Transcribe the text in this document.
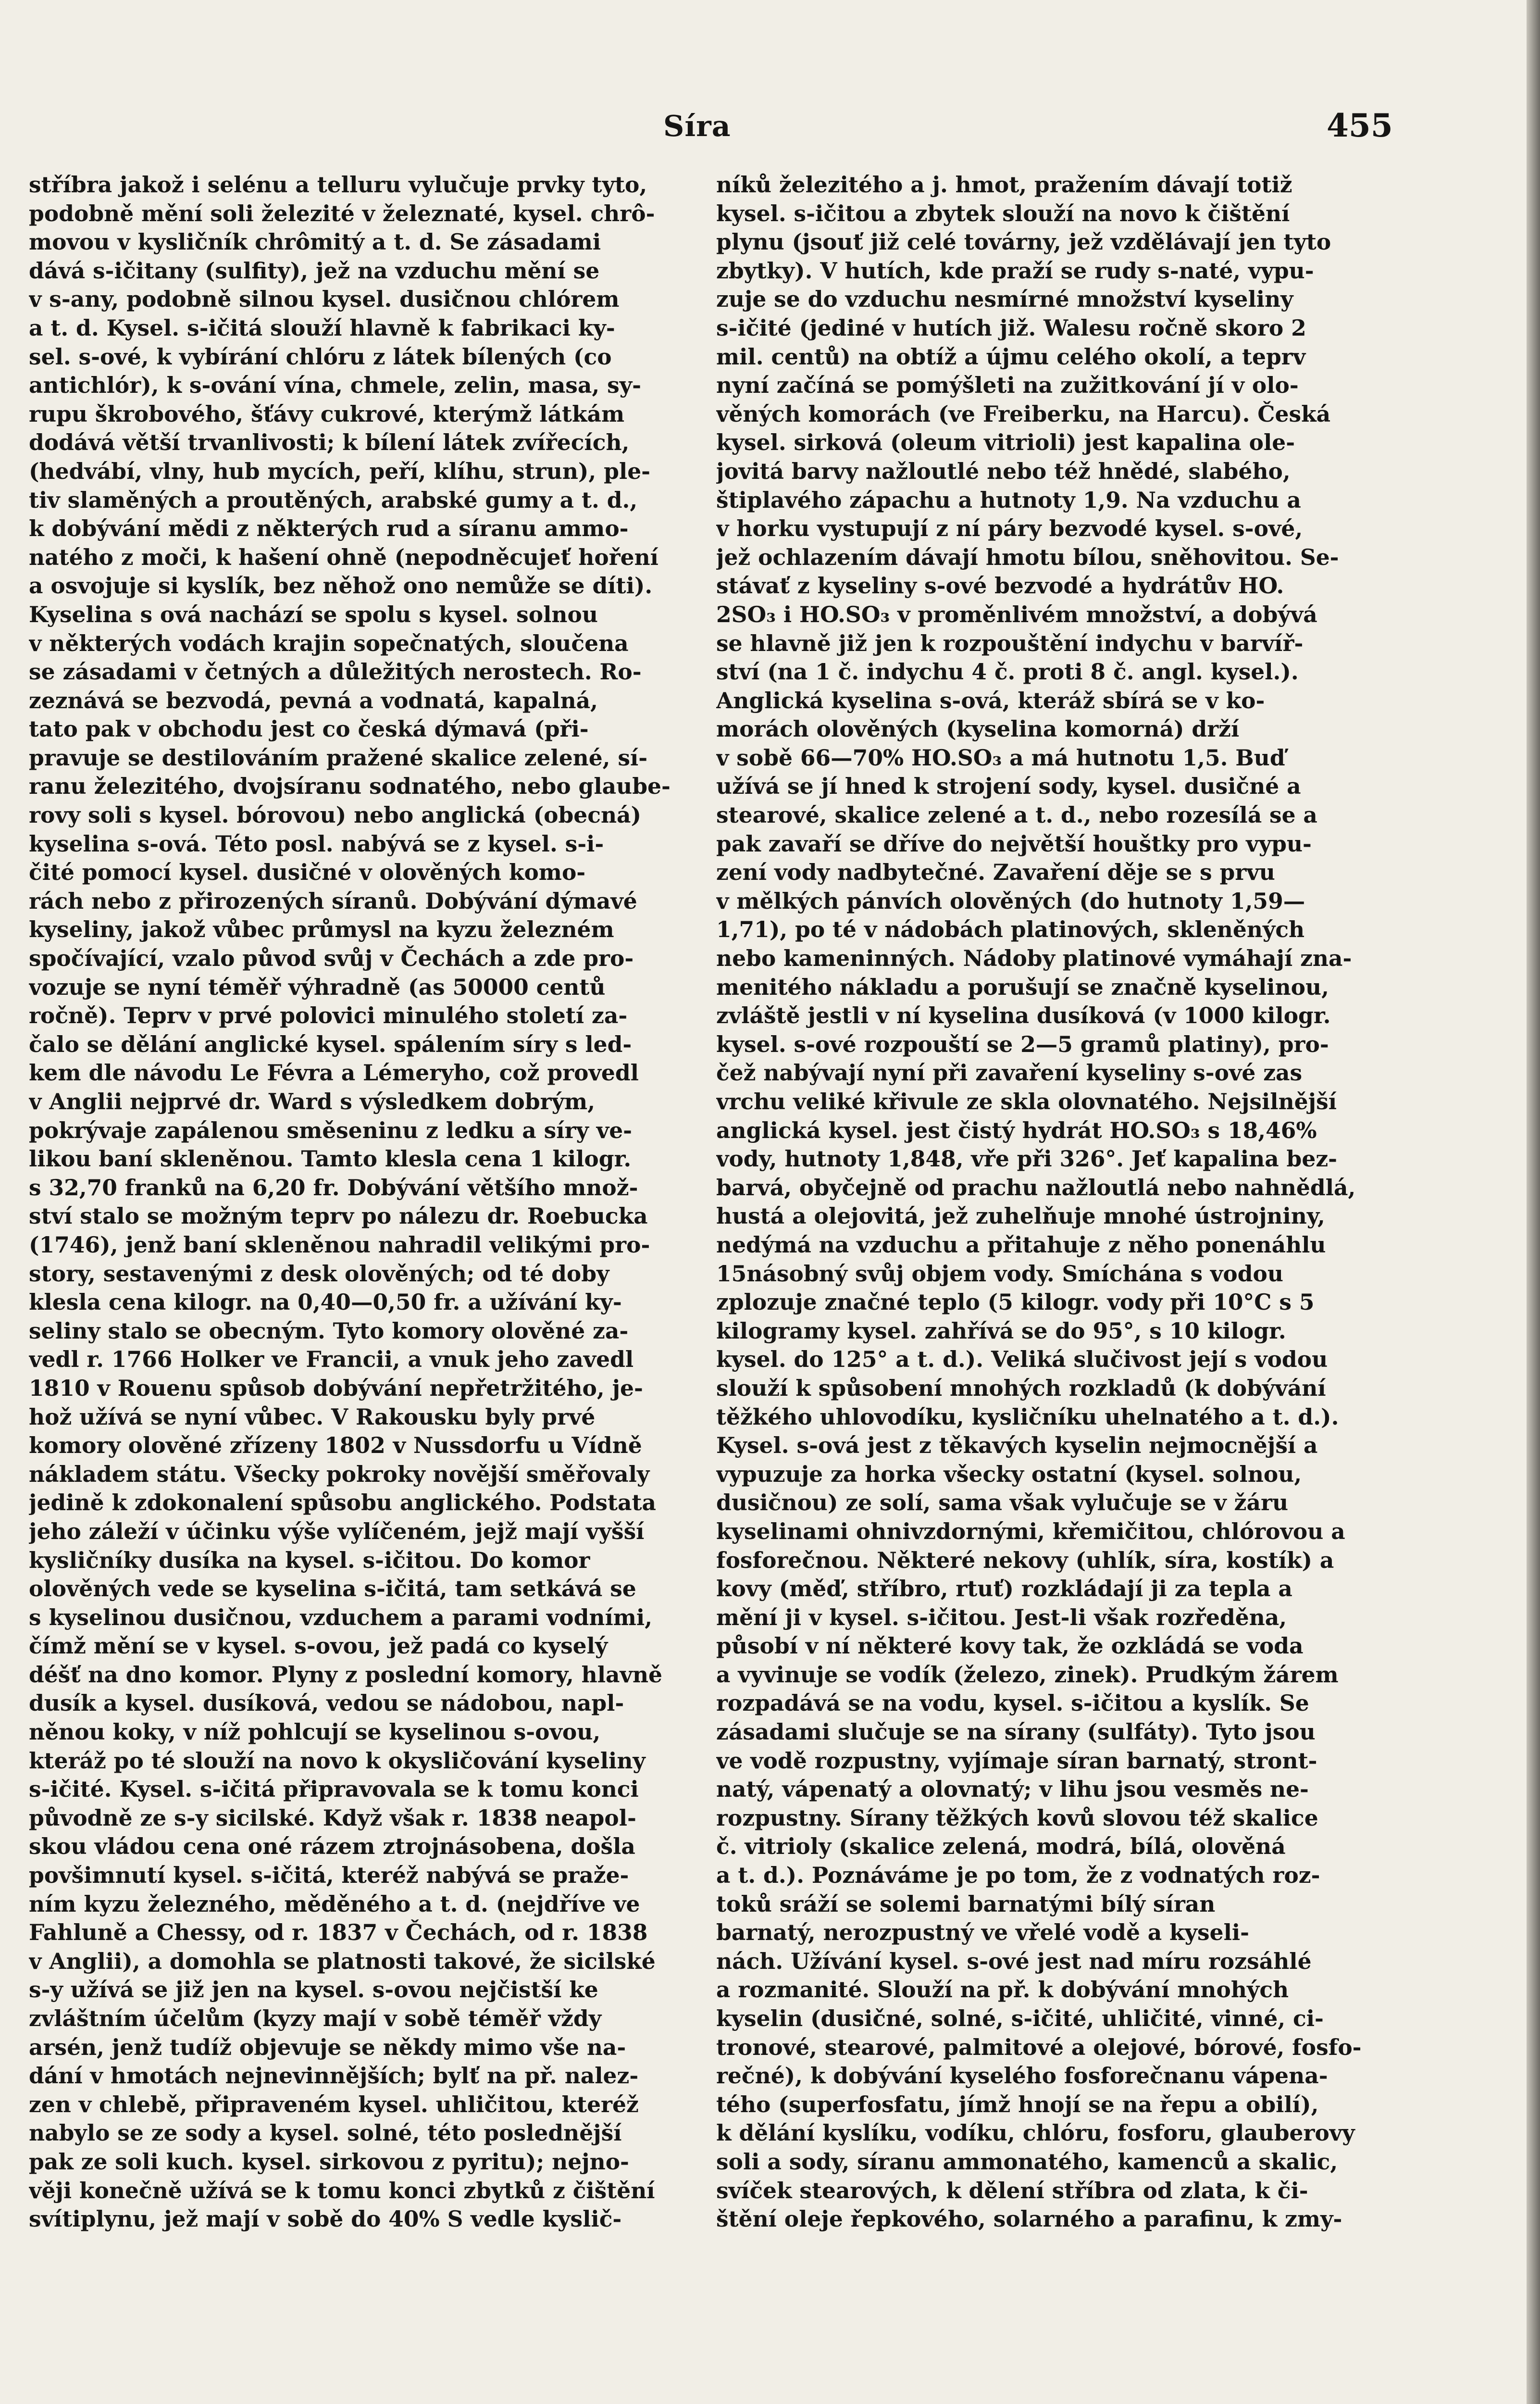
Síra	455
stříbra jakož i selénu a telluru vylučuje prvky tyto,
podobně mění soli železité v železnaté, kysel. chrô-
movou v kysličník chrômitý a t. d. Se zásadami
dává s-ičitany (sulfity), jež na vzduchu mění se
v s-any, podobně silnou kysel. dusičnou chlórem
a t. d. Kysel. s-ičitá slouží hlavně k fabrikaci ky-
sel. s-ové, k vybírání chlóru z látek bílených (co
antichlór), k s-ování vína, chmele, zelin, masa, sy-
rupu škrobového, šťávy cukrové, kterýmž látkám
dodává větší trvanlivosti; k bílení látek zvířecích,
(hedvábí, vlny, hub mycích, peří, klíhu, strun), ple-
tiv slaměných a proutěných, arabské gumy a t. d.,
k dobývání mědi z některých rud a síranu ammo-
natého z moči, k hašení ohně (nepodněcujeť hoření
a osvojuje si kyslík, bez něhož ono nemůže se díti).
Kyselina s ová nachází se spolu s kysel. solnou
v některých vodách krajin sopečnatých, sloučena
se zásadami v četných a důležitých nerostech. Ro-
zeznává se bezvodá, pevná a vodnatá, kapalná,
tato pak v obchodu jest co česká dýmavá (při-
pravuje se destilováním pražené skalice zelené, sí-
ranu železitého, dvojsíranu sodnatého, nebo glaube-
rovy soli s kysel. bórovou) nebo anglická (obecná)
kyselina s-ová. Této posl. nabývá se z kysel. s-i-
čité pomocí kysel. dusičné v olověných komo-
rách nebo z přirozených síranů. Dobývání dýmavé
kyseliny, jakož vůbec průmysl na kyzu železném
spočívající, vzalo původ svůj v Čechách a zde pro-
vozuje se nyní téměř výhradně (as 50000 centů
ročně). Teprv v prvé polovici minulého století za-
čalo se dělání anglické kysel. spálením síry s led-
kem dle návodu Le Févra a Lémeryho, což provedl
v Anglii nejprvé dr. Ward s výsledkem dobrým,
pokrývaje zapálenou směseninu z ledku a síry ve-
likou baní skleněnou. Tamto klesla cena 1 kilogr.
s 32,70 franků na 6,20 fr. Dobývání většího množ-
ství stalo se možným teprv po nálezu dr. Roebucka
(1746), jenž baní skleněnou nahradil velikými pro-
story, sestavenými z desk olověných; od té doby
klesla cena kilogr. na 0,40—0,50 fr. a užívání ky-
seliny stalo se obecným. Tyto komory olověné za-
vedl r. 1766 Holker ve Francii, a vnuk jeho zavedl
1810 v Rouenu spůsob dobývání nepřetržitého, je-
hož užívá se nyní vůbec. V Rakousku byly prvé
komory olověné zřízeny 1802 v Nussdorfu u Vídně
nákladem státu. Všecky pokroky novější směřovaly
jedině k zdokonalení spůsobu anglického. Podstata
jeho záleží v účinku výše vylíčeném, jejž mají vyšší
kysličníky dusíka na kysel. s-ičitou. Do komor
olověných vede se kyselina s-ičitá, tam setkává se
s kyselinou dusičnou, vzduchem a parami vodními,
čímž mění se v kysel. s-ovou, jež padá co kyselý
déšť na dno komor. Plyny z poslední komory, hlavně
dusík a kysel. dusíková, vedou se nádobou, napl-
něnou koky, v níž pohlcují se kyselinou s-ovou,
kteráž po té slouží na novo k okysličování kyseliny
s-ičité. Kysel. s-ičitá připravovala se k tomu konci
původně ze s-y sicilské. Když však r. 1838 neapol-
skou vládou cena oné rázem ztrojnásobena, došla
povšimnutí kysel. s-ičitá, kteréž nabývá se praže-
ním kyzu železného, měděného a t. d. (nejdříve ve
Fahluně a Chessy, od r. 1837 v Čechách, od r. 1838
v Anglii), a domohla se platnosti takové, že sicilské
s-y užívá se již jen na kysel. s-ovou nejčistší ke
zvláštním účelům (kyzy mají v sobě téměř vždy
arsén, jenž tudíž objevuje se někdy mimo vše na-
dání v hmotách nejnevinnějších; bylť na př. nalez-
zen v chlebě, připraveném kysel. uhličitou, kteréž
nabylo se ze sody a kysel. solné, této poslednější
pak ze soli kuch. kysel. sirkovou z pyritu); nejno-
věji konečně užívá se k tomu konci zbytků z čištění
svítiplynu, jež mají v sobě do 40% S vedle kyslič-
níků železitého a j. hmot, pražením dávají totiž
kysel. s-ičitou a zbytek slouží na novo k čištění
plynu (jsouť již celé továrny, jež vzdělávají jen tyto
zbytky). V hutích, kde praží se rudy s-naté, vypu-
zuje se do vzduchu nesmírné množství kyseliny
s-ičité (jediné v hutích již. Walesu ročně skoro 2
mil. centů) na obtíž a újmu celého okolí, a teprv
nyní začíná se pomýšleti na zužitkování jí v olo-
věných komorách (ve Freiberku, na Harcu). Česká
kysel. sirková (oleum vitrioli) jest kapalina ole-
jovitá barvy nažloutlé nebo též hnědé, slabého,
štiplavého zápachu a hutnoty 1,9. Na vzduchu a
v horku vystupují z ní páry bezvodé kysel. s-ové,
jež ochlazením dávají hmotu bílou, sněhovitou. Se-
stávať z kyseliny s-ové bezvodé a hydrátův HO.
2SO₃ i HO.SO₃ v proměnlivém množství, a dobývá
se hlavně již jen k rozpouštění indychu v barvíř-
ství (na 1 č. indychu 4 č. proti 8 č. angl. kysel.).
Anglická kyselina s-ová, kteráž sbírá se v ko-
morách olověných (kyselina komorná) drží
v sobě 66—70% HO.SO₃ a má hutnotu 1,5. Buď
užívá se jí hned k strojení sody, kysel. dusičné a
stearové, skalice zelené a t. d., nebo rozesílá se a
pak zavaří se dříve do největší houštky pro vypu-
zení vody nadbytečné. Zavaření děje se s prvu
v mělkých pánvích olověných (do hutnoty 1,59—
1,71), po té v nádobách platinových, skleněných
nebo kameninných. Nádoby platinové vymáhají zna-
menitého nákladu a porušují se značně kyselinou,
zvláště jestli v ní kyselina dusíková (v 1000 kilogr.
kysel. s-ové rozpouští se 2—5 gramů platiny), pro-
čež nabývají nyní při zavaření kyseliny s-ové zas
vrchu veliké křivule ze skla olovnatého. Nejsilnější
anglická kysel. jest čistý hydrát HO.SO₃ s 18,46%
vody, hutnoty 1,848, vře při 326°. Jeť kapalina bez-
barvá, obyčejně od prachu nažloutlá nebo nahnědlá,
hustá a olejovitá, jež zuhelňuje mnohé ústrojniny,
nedýmá na vzduchu a přitahuje z něho ponenáhlu
15násobný svůj objem vody. Smíchána s vodou
zplozuje značné teplo (5 kilogr. vody při 10°C s 5
kilogramy kysel. zahřívá se do 95°, s 10 kilogr.
kysel. do 125° a t. d.). Veliká slučivost její s vodou
slouží k spůsobení mnohých rozkladů (k dobývání
těžkého uhlovodíku, kysličníku uhelnatého a t. d.).
Kysel. s-ová jest z těkavých kyselin nejmocnější a
vypuzuje za horka všecky ostatní (kysel. solnou,
dusičnou) ze solí, sama však vylučuje se v žáru
kyselinami ohnivzdornými, křemičitou, chlórovou a
fosforečnou. Některé nekovy (uhlík, síra, kostík) a
kovy (měď, stříbro, rtuť) rozkládají ji za tepla a
mění ji v kysel. s-ičitou. Jest-li však rozředěna,
působí v ní některé kovy tak, že ozkládá se voda
a vyvinuje se vodík (železo, zinek). Prudkým žárem
rozpadává se na vodu, kysel. s-ičitou a kyslík. Se
zásadami slučuje se na sírany (sulfáty). Tyto jsou
ve vodě rozpustny, vyjímaje síran barnatý, stront-
natý, vápenatý a olovnatý; v lihu jsou vesměs ne-
rozpustny. Sírany těžkých kovů slovou též skalice
č. vitrioly (skalice zelená, modrá, bílá, olověná
a t. d.). Poznáváme je po tom, že z vodnatých roz-
toků sráží se solemi barnatými bílý síran
barnatý, nerozpustný ve vřelé vodě a kyseli-
nách. Užívání kysel. s-ové jest nad míru rozsáhlé
a rozmanité. Slouží na př. k dobývání mnohých
kyselin (dusičné, solné, s-ičité, uhličité, vinné, ci-
tronové, stearové, palmitové a olejové, bórové, fosfo-
rečné), k dobývání kyselého fosforečnanu vápena-
tého (superfosfatu, jímž hnojí se na řepu a obilí),
k dělání kyslíku, vodíku, chlóru, fosforu, glauberovy
soli a sody, síranu ammonatého, kamenců a skalic,
svíček stearových, k dělení stříbra od zlata, k či-
štění oleje řepkového, solarného a parafinu, k zmy-
